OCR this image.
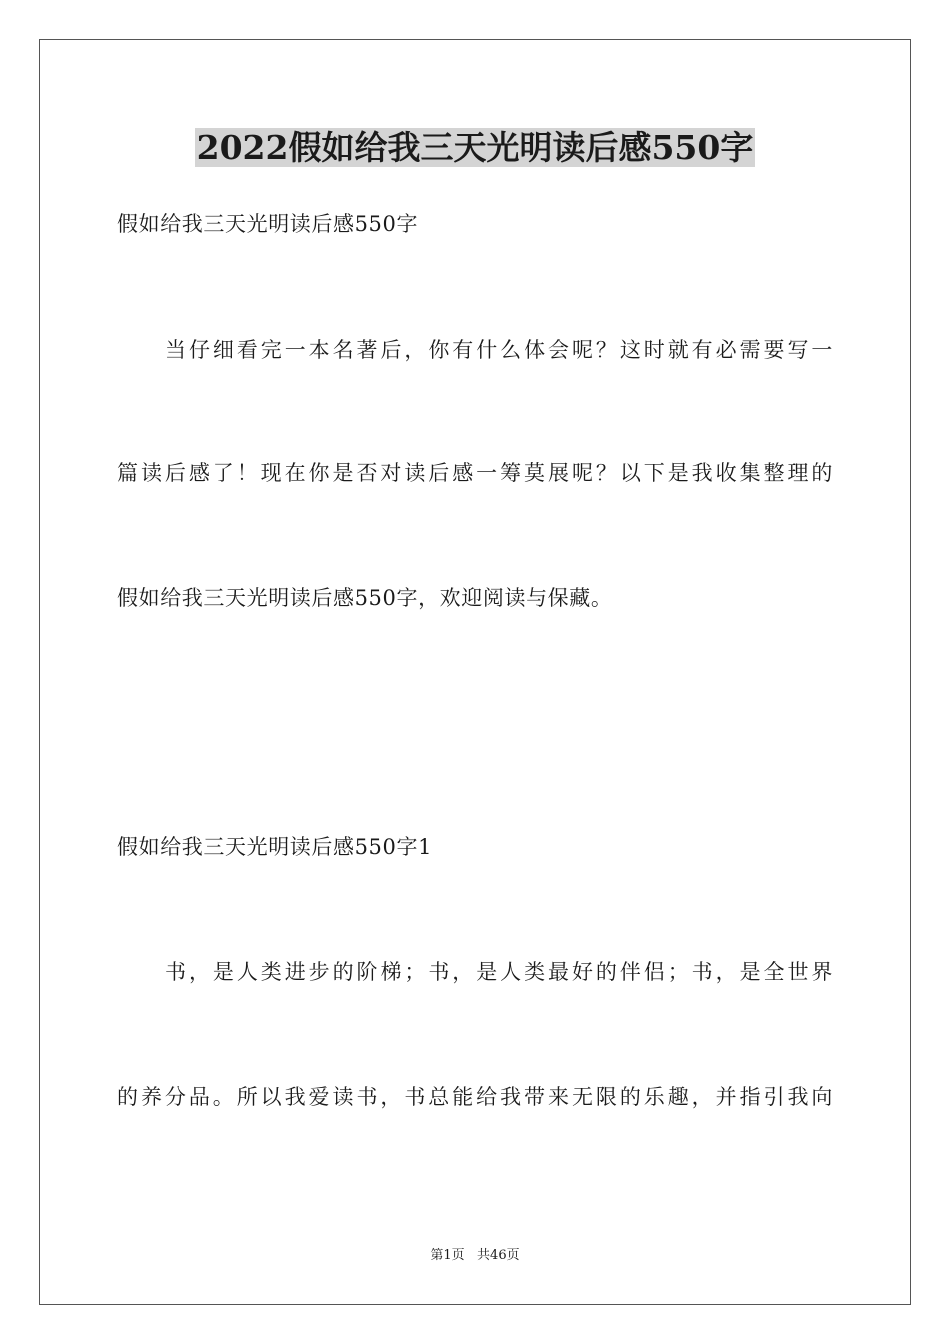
2022假如给我三天光明读后感550字
假如给我三天光明读后感550字
当仔细看完一本名著后，你有什么体会呢？这时就有必需要写一
篇读后感了！现在你是否对读后感一筹莫展呢？以下是我收集整理的
假如给我三天光明读后感550字，欢迎阅读与保藏。
假如给我三天光明读后感550字1
书，是人类进步的阶梯；书，是人类最好的伴侣；书，是全世界
的养分品。所以我爱读书，书总能给我带来无限的乐趣，并指引我向
第1页   共46页
